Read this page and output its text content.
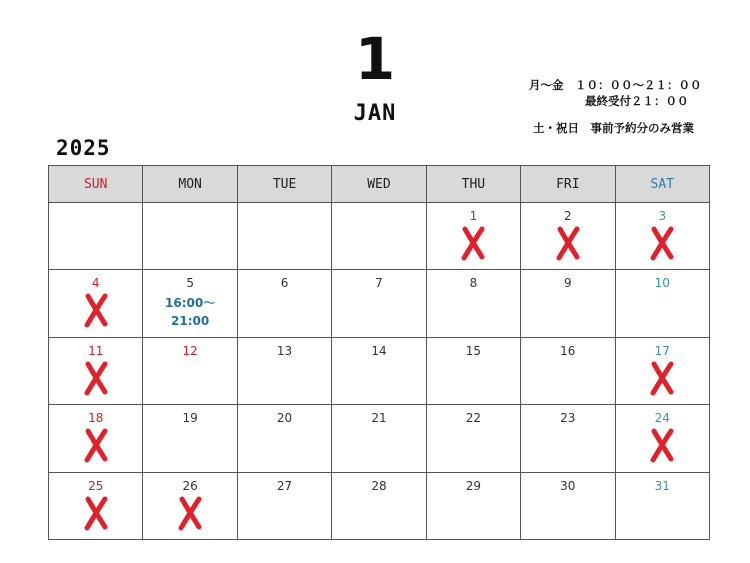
1
JAN
2025
月～金　１０：００～２１：００
最終受付２１：００
土・祝日　事前予約分のみ営業
SUN	MON	TUE	WED	THU	FRI	SAT

				1	2	3

4	5
16:00～
21:00	6	7	8	9	10

11	12	13	14	15	16	17

18	19	20	21	22	23	24

25	26	27	28	29	30	31
